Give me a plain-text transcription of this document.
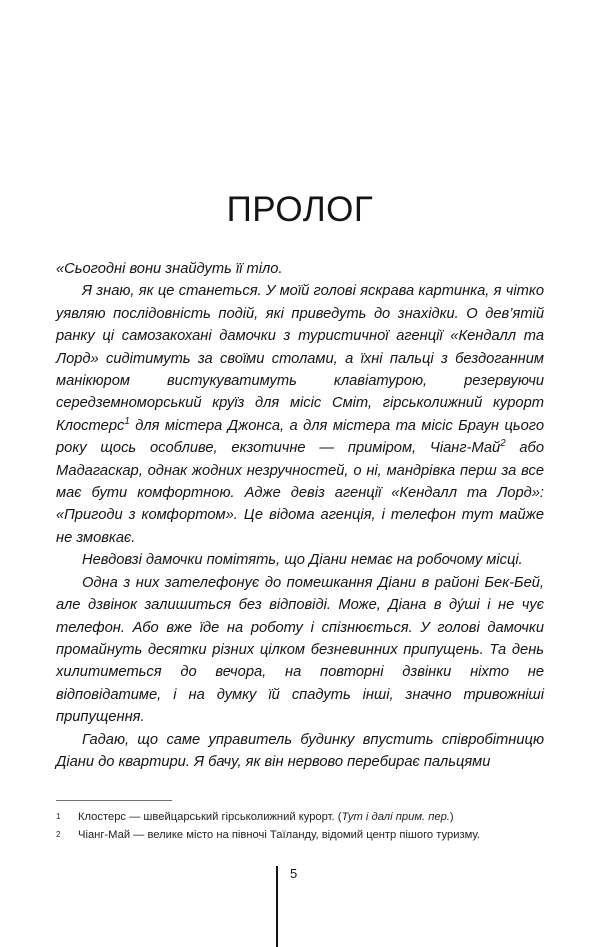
ПРОЛОГ

«Сьогодні вони знайдуть її тіло.

Я знаю, як це станеться. У моїй голові яскрава картинка, я чітко уявляю послідовність подій, які приведуть до знахідки. О дев’ятій ранку ці самозакохані дамочки з туристичної агенції «Кендалл та Лорд» сидітимуть за своїми столами, а їхні пальці з бездоганним манікюром вистукуватимуть клавіатурою, резервуючи середземноморський круїз для місіс Сміт, гірськолижний курорт Клостерс$^1$ для містера Джонса, а для містера та місіс Браун цього року щось особливе, екзотичне — приміром, Чіанг-Май$^2$ або Мадагаскар, однак жодних незручностей, о ні, мандрівка перш за все має бути комфортною. Адже девіз агенції «Кендалл та Лорд»: «Пригоди з комфортом». Це відома агенція, і телефон тут майже не змовкає.

Невдовзі дамочки помітять, що Діани немає на робочому місці.

Одна з них зателефонує до помешкання Діани в районі Бек-Бей, але дзвінок залишиться без відповіді. Може, Діана в ду́ші і не чує телефон. Або вже їде на роботу і спізнюється. У голові дамочки промайнуть десятки різних цілком безневинних припущень. Та день хилитиметься до вечора, на повторні дзвінки ніхто не відповідатиме, і на думку їй спадуть інші, значно тривожніші припущення.

Гадаю, що саме управитель будинку впустить співробітницю Діани до квартири. Я бачу, як він нервово перебирає пальцями

1	Клостерс — швейцарський гірськолижний курорт. (Тут і далі прим. пер.)
2	Чіанг-Май — велике місто на півночі Таїланду, відомий центр пішого туризму.
5
